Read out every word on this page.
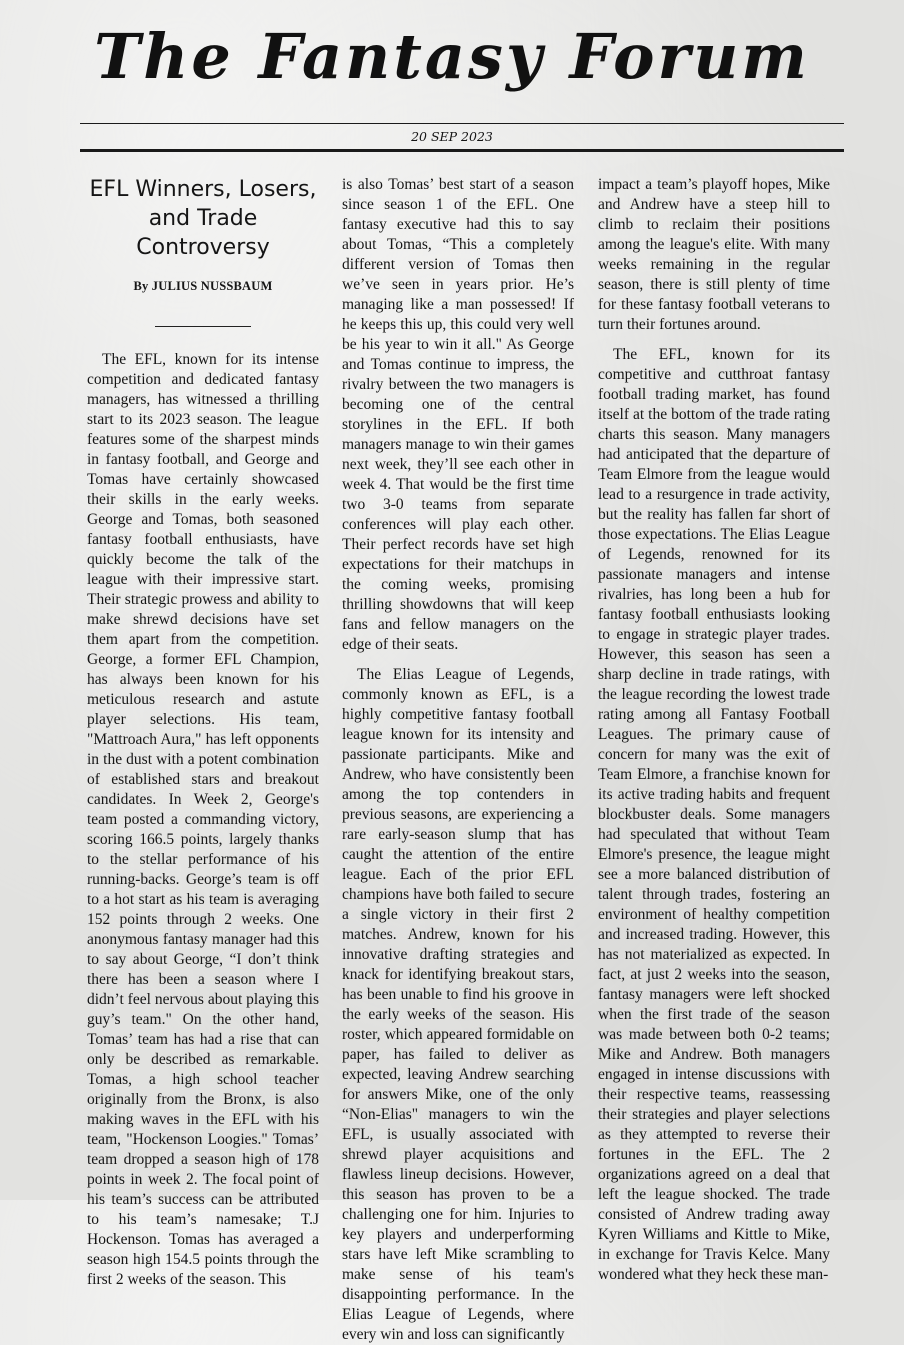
The Fantasy Forum
20 SEP 2023
EFL Winners, Losers, and Trade Controversy
By JULIUS NUSSBAUM

The EFL, known for its intense competition and dedicated fantasy managers, has witnessed a thrilling start to its 2023 season. The league features some of the sharpest minds in fantasy football, and George and Tomas have certainly showcased their skills in the early weeks. George and Tomas, both seasoned fantasy football enthusiasts, have quickly become the talk of the league with their impressive start. Their strategic prowess and ability to make shrewd decisions have set them apart from the competition. George, a former EFL Champion, has always been known for his meticulous research and astute player selections. His team, "Mattroach Aura," has left opponents in the dust with a potent combination of established stars and breakout candidates. In Week 2, George's team posted a commanding victory, scoring 166.5 points, largely thanks to the stellar performance of his running-backs. George’s team is off to a hot start as his team is averaging 152 points through 2 weeks. One anonymous fantasy manager had this to say about George, “I don’t think there has been a season where I didn’t feel nervous about playing this guy’s team." On the other hand, Tomas’ team has had a rise that can only be described as remarkable. Tomas, a high school teacher originally from the Bronx, is also making waves in the EFL with his team, "Hockenson Loogies." Tomas’ team dropped a season high of 178 points in week 2. The focal point of his team’s success can be attributed to his team’s namesake; T.J Hockenson. Tomas has averaged a season high 154.5 points through the first 2 weeks of the season. This

is also Tomas’ best start of a season since season 1 of the EFL. One fantasy executive had this to say about Tomas, “This a completely different version of Tomas then we’ve seen in years prior. He’s managing like a man possessed! If he keeps this up, this could very well be his year to win it all." As George and Tomas continue to impress, the rivalry between the two managers is becoming one of the central storylines in the EFL. If both managers manage to win their games next week, they’ll see each other in week 4. That would be the first time two 3-0 teams from separate conferences will play each other. Their perfect records have set high expectations for their matchups in the coming weeks, promising thrilling showdowns that will keep fans and fellow managers on the edge of their seats.

The Elias League of Legends, commonly known as EFL, is a highly competitive fantasy football league known for its intensity and passionate participants. Mike and Andrew, who have consistently been among the top contenders in previous seasons, are experiencing a rare early-season slump that has caught the attention of the entire league. Each of the prior EFL champions have both failed to secure a single victory in their first 2 matches. Andrew, known for his innovative drafting strategies and knack for identifying breakout stars, has been unable to find his groove in the early weeks of the season. His roster, which appeared formidable on paper, has failed to deliver as expected, leaving Andrew searching for answers Mike, one of the only “Non-Elias" managers to win the EFL, is usually associated with shrewd player acquisitions and flawless lineup decisions. However, this season has proven to be a challenging one for him. Injuries to key players and underperforming stars have left Mike scrambling to make sense of his team's disappointing performance. In the Elias League of Legends, where every win and loss can significantly

impact a team’s playoff hopes, Mike and Andrew have a steep hill to climb to reclaim their positions among the league's elite. With many weeks remaining in the regular season, there is still plenty of time for these fantasy football veterans to turn their fortunes around.

The EFL, known for its competitive and cutthroat fantasy football trading market, has found itself at the bottom of the trade rating charts this season. Many managers had anticipated that the departure of Team Elmore from the league would lead to a resurgence in trade activity, but the reality has fallen far short of those expectations. The Elias League of Legends, renowned for its passionate managers and intense rivalries, has long been a hub for fantasy football enthusiasts looking to engage in strategic player trades. However, this season has seen a sharp decline in trade ratings, with the league recording the lowest trade rating among all Fantasy Football Leagues. The primary cause of concern for many was the exit of Team Elmore, a franchise known for its active trading habits and frequent blockbuster deals. Some managers had speculated that without Team Elmore's presence, the league might see a more balanced distribution of talent through trades, fostering an environment of healthy competition and increased trading. However, this has not materialized as expected. In fact, at just 2 weeks into the season, fantasy managers were left shocked when the first trade of the season was made between both 0-2 teams; Mike and Andrew. Both managers engaged in intense discussions with their respective teams, reassessing their strategies and player selections as they attempted to reverse their fortunes in the EFL. The 2 organizations agreed on a deal that left the league shocked. The trade consisted of Andrew trading away Kyren Williams and Kittle to Mike, in exchange for Travis Kelce. Many wondered what they heck these man-
